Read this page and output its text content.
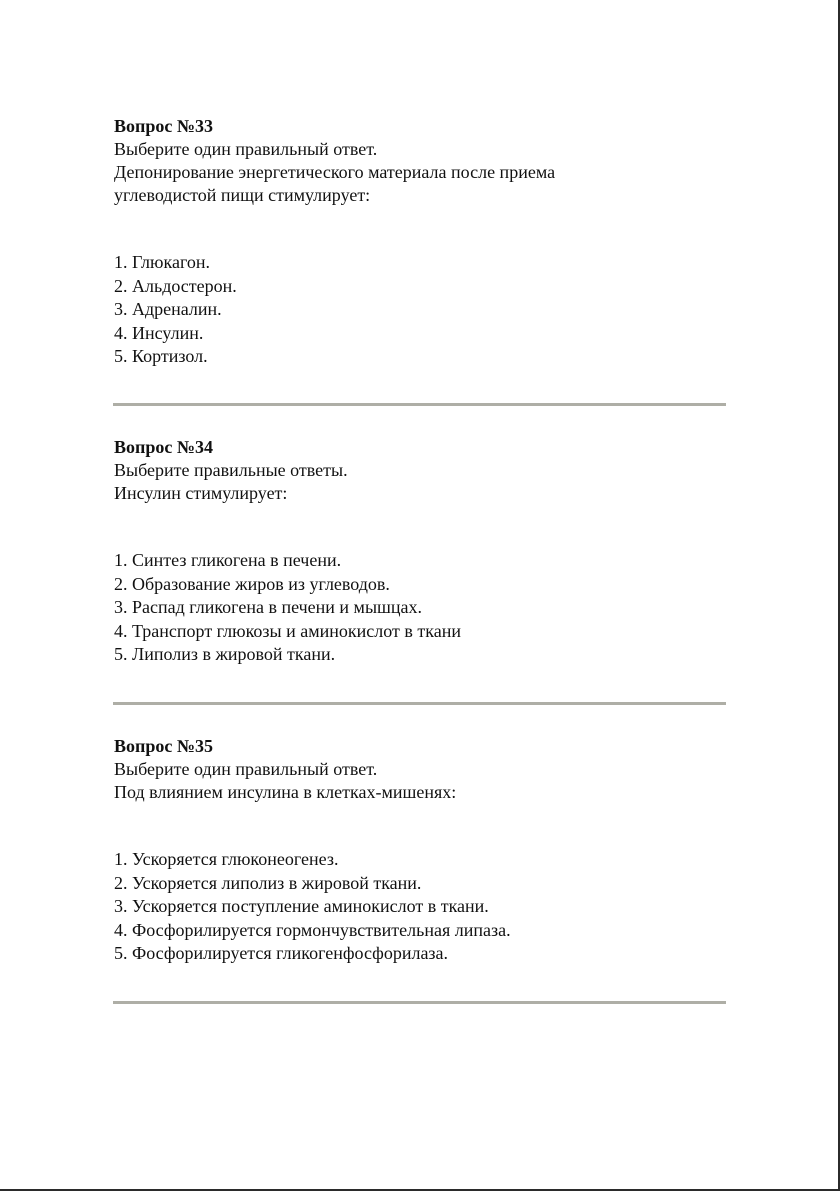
Вопрос №33
Выберите один правильный ответ.
Депонирование энергетического материала после приема
углеводистой пищи стимулирует:
1. Глюкагон.
2. Альдостерон.
3. Адреналин.
4. Инсулин.
5. Кортизол.
Вопрос №34
Выберите правильные ответы.
Инсулин стимулирует:
1. Синтез гликогена в печени.
2. Образование жиров из углеводов.
3. Распад гликогена в печени и мышцах.
4. Транспорт глюкозы и аминокислот в ткани
5. Липолиз в жировой ткани.
Вопрос №35
Выберите один правильный ответ.
Под влиянием инсулина в клетках-мишенях:
1. Ускоряется глюконеогенез.
2. Ускоряется липолиз в жировой ткани.
3. Ускоряется поступление аминокислот в ткани.
4. Фосфорилируется гормончувствительная липаза.
5. Фосфорилируется гликогенфосфорилаза.
